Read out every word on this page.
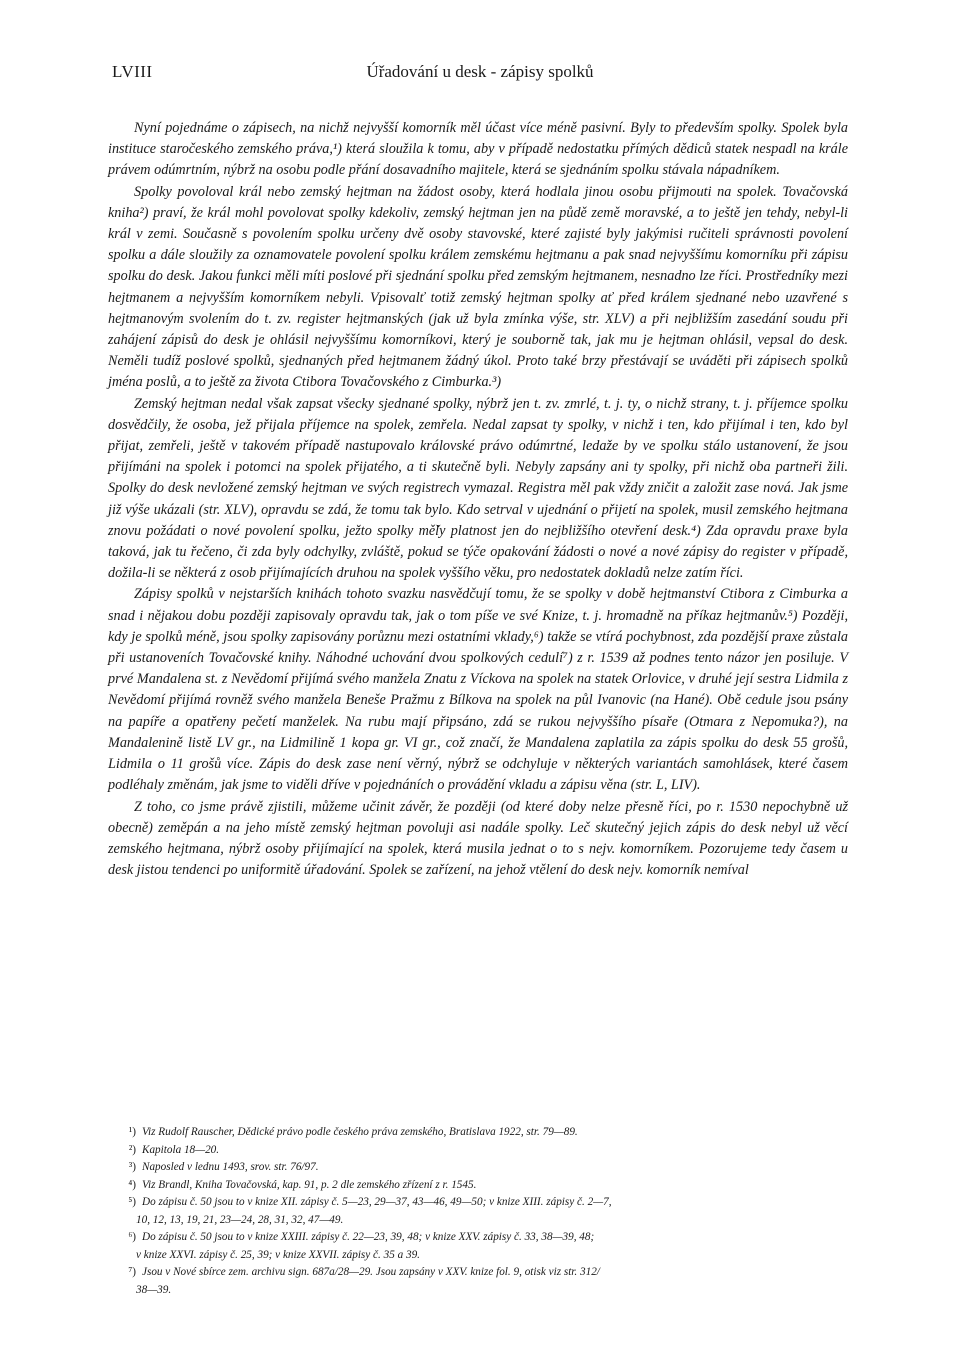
LVIII	Úřadování u desk - zápisy spolků

Nyní pojednáme o zápisech, na nichž nejvyšší komorník měl účast více méně pasivní. Byly to především spolky. Spolek byla instituce staročeského zemského práva,¹) která sloužila k tomu, aby v případě nedostatku přímých dědiců statek nespadl na krále právem odúmrtním, nýbrž na osobu podle přání dosavadního majitele, která se sjednáním spolku stávala nápadníkem.

Spolky povoloval král nebo zemský hejtman na žádost osoby, která hodlala jinou osobu přijmouti na spolek. Tovačovská kniha²) praví, že král mohl povolovat spolky kdekoliv, zemský hejtman jen na půdě země moravské, a to ještě jen tehdy, nebyl-li král v zemi. Současně s povolením spolku určeny dvě osoby stavovské, které zajisté byly jakýmisi ručiteli správnosti povolení spolku a dále sloužily za oznamovatele povolení spolku králem zemskému hejtmanu a pak snad nejvyššímu komorníku při zápisu spolku do desk. Jakou funkci měli míti poslové při sjednání spolku před zemským hejtmanem, nesnadno lze říci. Prostředníky mezi hejtmanem a nejvyšším komorníkem nebyli. Vpisovalť totiž zemský hejtman spolky ať před králem sjednané nebo uzavřené s hejtmanovým svolením do t. zv. register hejtmanských (jak už byla zmínka výše, str. XLV) a při nejbližším zasedání soudu při zahájení zápisů do desk je ohlásil nejvyššímu komorníkovi, který je souborně tak, jak mu je hejtman ohlásil, vepsal do desk. Neměli tudíž poslové spolků, sjednaných před hejtmanem žádný úkol. Proto také brzy přestávají se uváděti při zápisech spolků jména poslů, a to ještě za života Ctibora Tovačovského z Cimburka.³)

Zemský hejtman nedal však zapsat všecky sjednané spolky, nýbrž jen t. zv. zmrlé, t. j. ty, o nichž strany, t. j. příjemce spolku dosvědčily, že osoba, jež přijala příjemce na spolek, zemřela. Nedal zapsat ty spolky, v nichž i ten, kdo přijímal i ten, kdo byl přijat, zemřeli, ještě v takovém případě nastupovalo královské právo odúmrtné, ledaže by ve spolku stálo ustanovení, že jsou přijímáni na spolek i potomci na spolek přijatého, a ti skutečně byli. Nebyly zapsány ani ty spolky, při nichž oba partneři žili. Spolky do desk nevložené zemský hejtman ve svých registrech vymazal. Registra měl pak vždy zničit a založit zase nová. Jak jsme již výše ukázali (str. XLV), opravdu se zdá, že tomu tak bylo. Kdo setrval v ujednání o přijetí na spolek, musil zemského hejtmana znovu požádati o nové povolení spolku, ježto spolky mě̌ly platnost jen do nejbližšího otevření desk.⁴) Zda opravdu praxe byla taková, jak tu řečeno, či zda byly odchylky, zvláště, pokud se týče opakování žádosti o nové a nové zápisy do register v případě, dožila-li se některá z osob přijímajících druhou na spolek vyššího věku, pro nedostatek dokladů nelze zatím říci.

Zápisy spolků v nejstarších knihách tohoto svazku nasvědčují tomu, že se spolky v době hejtmanství Ctibora z Cimburka a snad i nějakou dobu později zapisovaly opravdu tak, jak o tom píše ve své Knize, t. j. hromadně na příkaz hejtmanův.⁵) Později, kdy je spolků méně, jsou spolky zapisovány porůznu mezi ostatními vklady,⁶) takže se vtírá pochybnost, zda pozdější praxe zůstala při ustanoveních Tovačovské knihy. Náhodné uchování dvou spolkových cedulí⁷) z r. 1539 až podnes tento názor jen posiluje. V prvé Mandalena st. z Nevědomí přijímá svého manžela Znatu z Víckova na spolek na statek Orlovice, v druhé její sestra Lidmila z Nevědomí přijímá rovněž svého manžela Beneše Pražmu z Bílkova na spolek na půl Ivanovic (na Hané). Obě cedule jsou psány na papíře a opatřeny pečetí manželek. Na rubu mají připsáno, zdá se rukou nejvyššího písaře (Otmara z Nepomuka?), na Mandalenině listě LV gr., na Lidmilině 1 kopa gr. VI gr., což značí, že Mandalena zaplatila za zápis spolku do desk 55 grošů, Lidmila o 11 grošů více. Zápis do desk zase není věrný, nýbrž se odchyluje v některých variantách samohlásek, které časem podléhaly změnám, jak jsme to viděli dříve v pojednáních o provádění vkladu a zápisu věna (str. L, LIV).

Z toho, co jsme právě zjistili, můžeme učinit závěr, že později (od které doby nelze přesně říci, po r. 1530 nepochybně už obecně) zeměpán a na jeho místě zemský hejtman povoluji asi nadále spolky. Leč skutečný jejich zápis do desk nebyl už věcí zemského hejtmana, nýbrž osoby přijímající na spolek, která musila jednat o to s nejv. komorníkem. Pozorujeme tedy časem u desk jistou tendenci po uniformitě úřadování. Spolek se zařízení, na jehož vtělení do desk nejv. komorník nemíval

¹) Viz Rudolf Rauscher, Dědické právo podle českého práva zemského, Bratislava 1922, str. 79—89.
²) Kapitola 18—20.
³) Naposled v lednu 1493, srov. str. 76/97.
⁴) Viz Brandl, Kniha Tovačovská, kap. 91, p. 2 dle zemského zřízení z r. 1545.
⁵) Do zápisu č. 50 jsou to v knize XII. zápisy č. 5—23, 29—37, 43—46, 49—50; v knize XIII. zápisy č. 2—7,
10, 12, 13, 19, 21, 23—24, 28, 31, 32, 47—49.
⁶) Do zápisu č. 50 jsou to v knize XXIII. zápisy č. 22—23, 39, 48; v knize XXV. zápisy č. 33, 38—39, 48;
v knize XXVI. zápisy č. 25, 39; v knize XXVII. zápisy č. 35 a 39.
⁷) Jsou v Nové sbírce zem. archivu sign. 687a/28—29. Jsou zapsány v XXV. knize fol. 9, otisk viz str. 312/
38—39.
